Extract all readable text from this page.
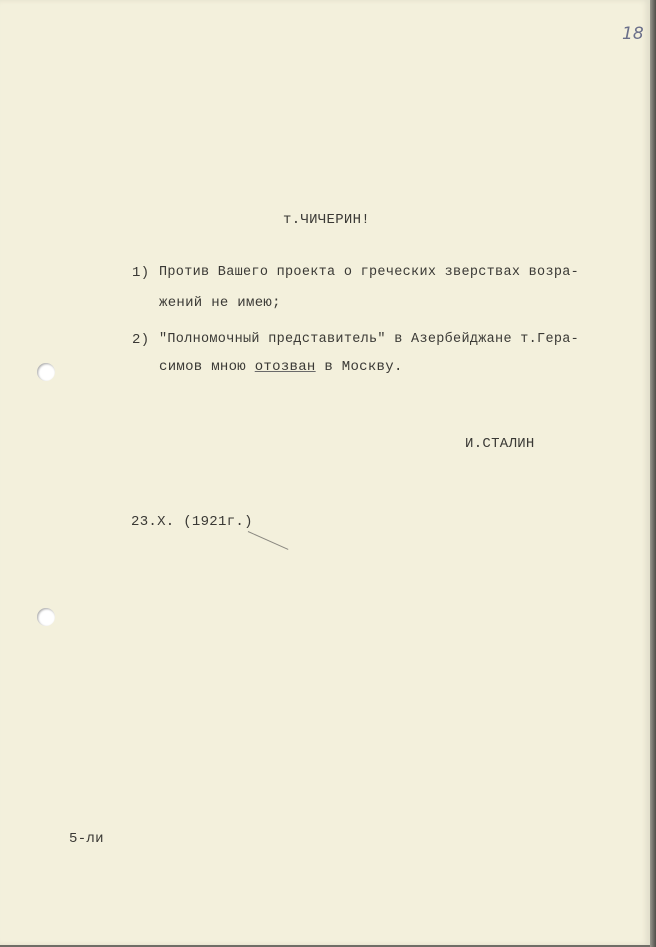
18
т.ЧИЧЕРИН!
1) Против Вашего проекта о греческих зверствах возра-
жений не имею;
2) "Полномочный представитель" в Азербейджане т.Гера-
симов мною отозван в Москву.
И.СТАЛИН
23.Х. (1921г.)
5-ли
